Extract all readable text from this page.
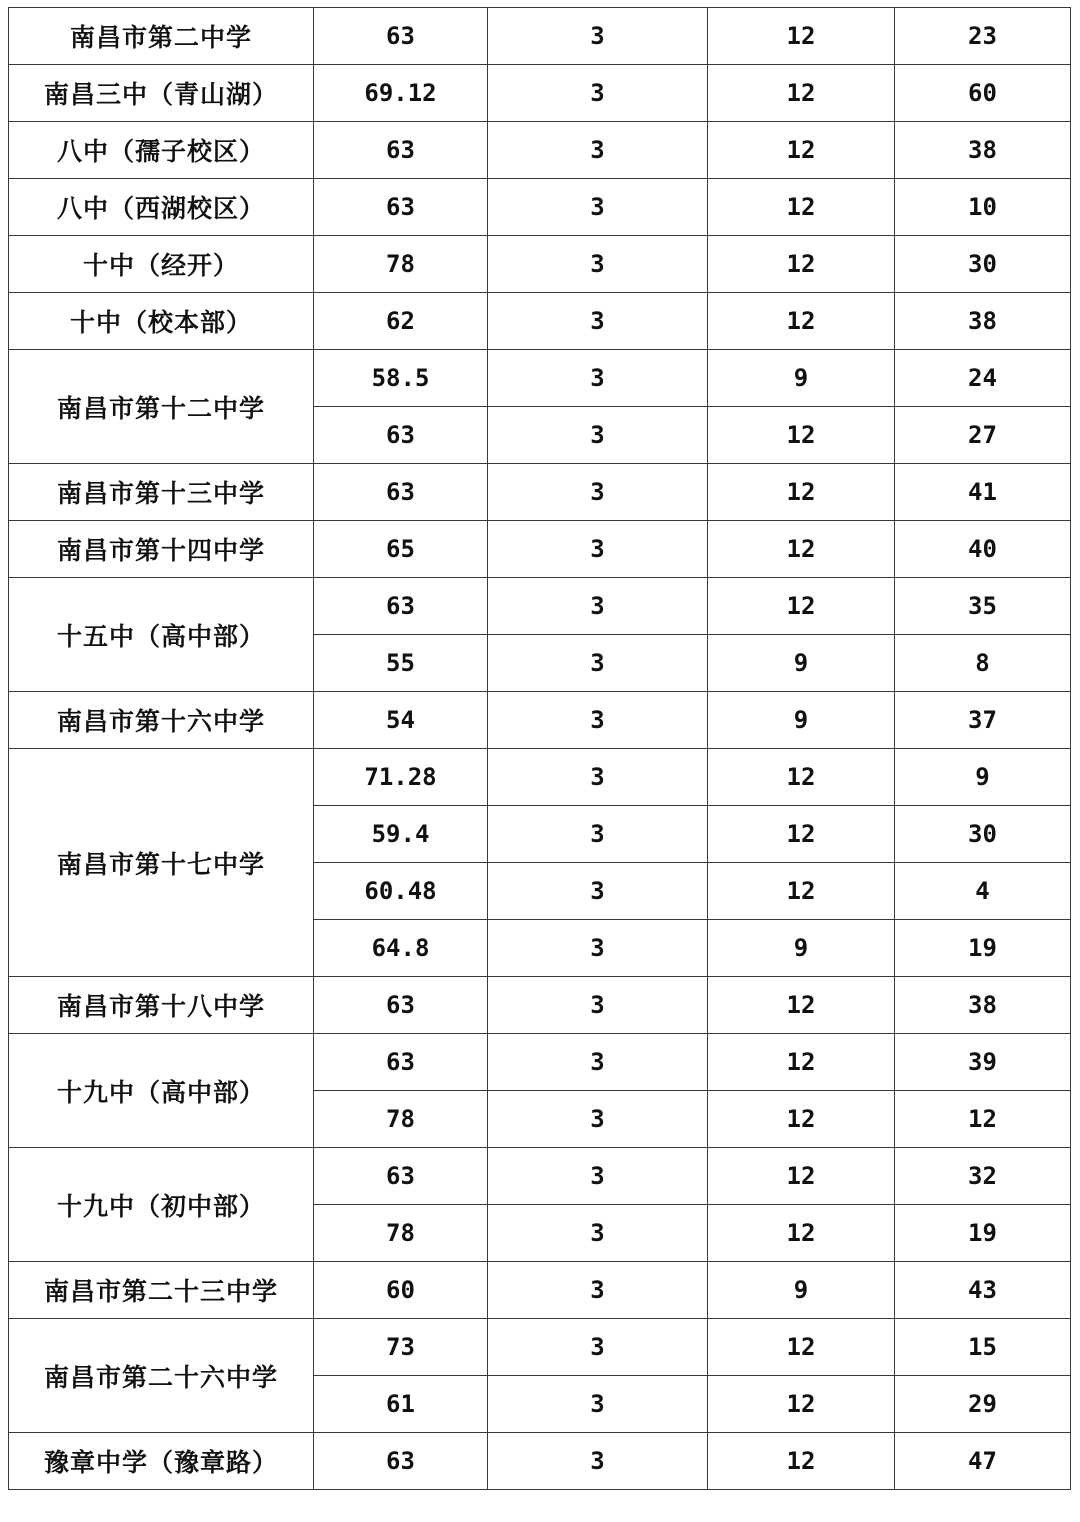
南昌市第二中学	63	3	12	23
南昌三中（青山湖）	69.12	3	12	60
八中（孺子校区）	63	3	12	38
八中（西湖校区）	63	3	12	10
十中（经开）	78	3	12	30
十中（校本部）	62	3	12	38
南昌市第十二中学	58.5	3	9	24
	63	3	12	27
南昌市第十三中学	63	3	12	41
南昌市第十四中学	65	3	12	40
十五中（高中部）	63	3	12	35
	55	3	9	8
南昌市第十六中学	54	3	9	37
南昌市第十七中学	71.28	3	12	9
	59.4	3	12	30
	60.48	3	12	4
	64.8	3	9	19
南昌市第十八中学	63	3	12	38
十九中（高中部）	63	3	12	39
	78	3	12	12
十九中（初中部）	63	3	12	32
	78	3	12	19
南昌市第二十三中学	60	3	9	43
南昌市第二十六中学	73	3	12	15
	61	3	12	29
豫章中学（豫章路）	63	3	12	47
